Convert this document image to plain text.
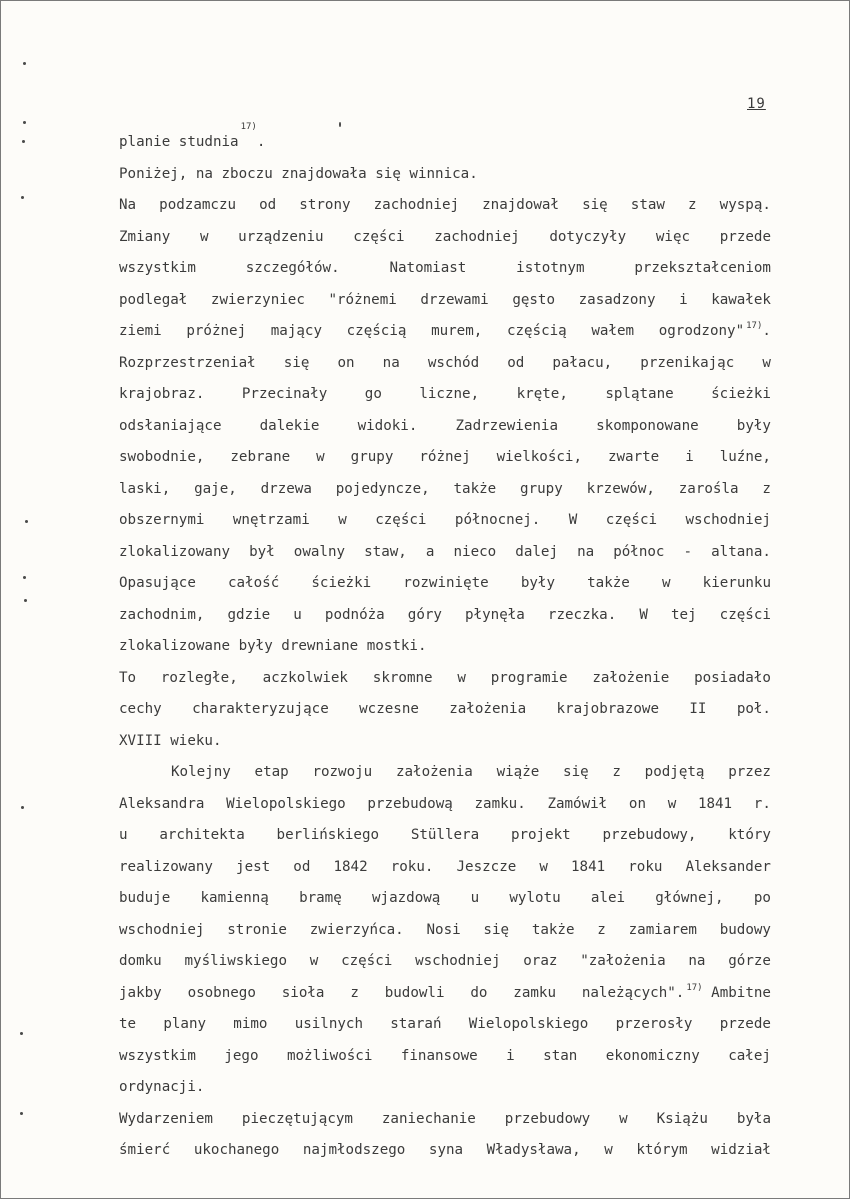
19
planie studnia
17)
.
Poniżej, na zboczu znajdowała się winnica.
Na podzamczu od strony zachodniej znajdował się staw z wyspą.
Zmiany w urządzeniu części zachodniej dotyczyły więc przede
wszystkim	szczegółów.	Natomiast	istotnym	przekształceniom
podlegał zwierzyniec "różnemi drzewami gęsto zasadzony i kawałek
ziemi próżnej mający częścią murem, częścią wałem ogrodzony" $^{17)}$.
Rozprzestrzeniał się on na wschód od pałacu, przenikając w
krajobraz.	Przecinały	go	liczne,	kręte,	splątane	ścieżki
odsłaniające	dalekie	widoki.	Zadrzewienia	skomponowane	były
swobodnie, zebrane w grupy różnej wielkości, zwarte i luźne,
laski, gaje, drzewa pojedyncze, także grupy krzewów, zarośla z
obszernymi wnętrzami w części północnej. W części wschodniej
zlokalizowany był owalny staw, a nieco dalej na północ - altana.
Opasujące całość ścieżki rozwinięte były także w kierunku
zachodnim, gdzie u podnóża góry płynęła rzeczka. W tej części
zlokalizowane były drewniane mostki.
To rozległe, aczkolwiek skromne w programie założenie posiadało
cechy charakteryzujące wczesne założenia krajobrazowe II poł.
XVIII wieku.
Kolejny etap rozwoju założenia wiąże się z podjętą przez
Aleksandra Wielopolskiego przebudową zamku. Zamówił on w 1841 r.
u architekta berlińskiego Stüllera projekt przebudowy, który
realizowany jest od 1842 roku. Jeszcze w 1841 roku Aleksander
buduje kamienną bramę wjazdową u wylotu alei głównej, po
wschodniej stronie zwierzyńca. Nosi się także z zamiarem budowy
domku myśliwskiego w części wschodniej oraz "założenia na górze
jakby osobnego sioła z budowli do zamku należących". $^{17)}$ Ambitne
te plany mimo usilnych starań Wielopolskiego przerosły przede
wszystkim jego możliwości finansowe i stan ekonomiczny całej
ordynacji.
Wydarzeniem pieczętującym zaniechanie przebudowy w Książu była
śmierć ukochanego najmłodszego syna Władysława, w którym widział
